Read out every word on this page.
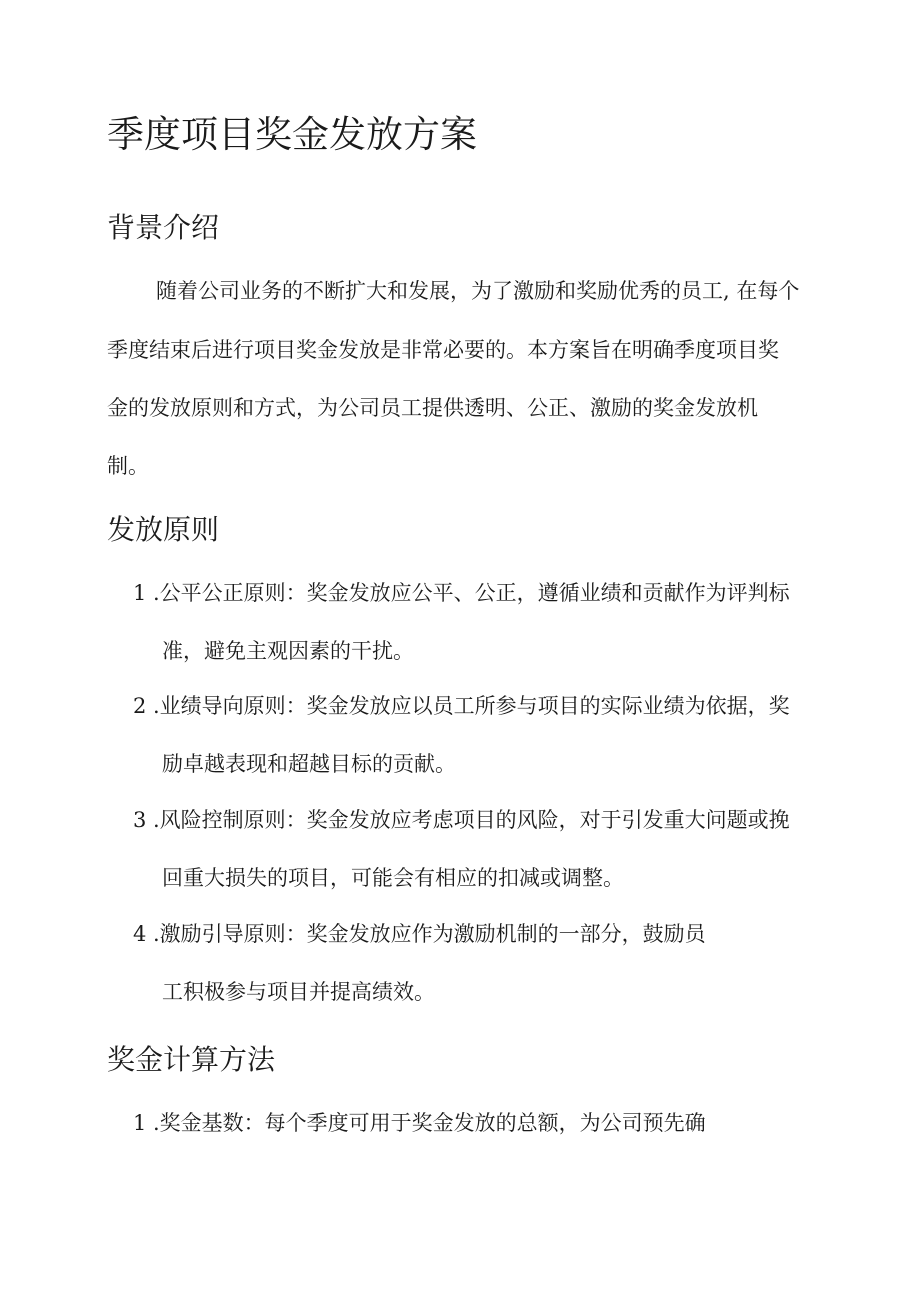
季度项目奖金发放方案
背景介绍

随着公司业务的不断扩大和发展，为了激励和奖励优秀的员工, 在每个

季度结束后进行项目奖金发放是非常必要的。本方案旨在明确季度项目奖

金的发放原则和方式，为公司员工提供透明、公正、激励的奖金发放机

制。

发放原则
1 .公平公正原则：奖金发放应公平、公正，遵循业绩和贡献作为评判标

准，避免主观因素的干扰。

2 .业绩导向原则：奖金发放应以员工所参与项目的实际业绩为依据，奖

励卓越表现和超越目标的贡献。

3 .风险控制原则：奖金发放应考虑项目的风险，对于引发重大问题或挽

回重大损失的项目，可能会有相应的扣减或调整。

4 .激励引导原则：奖金发放应作为激励机制的一部分，鼓励员

工积极参与项目并提高绩效。

奖金计算方法
1 .奖金基数：每个季度可用于奖金发放的总额，为公司预先确
